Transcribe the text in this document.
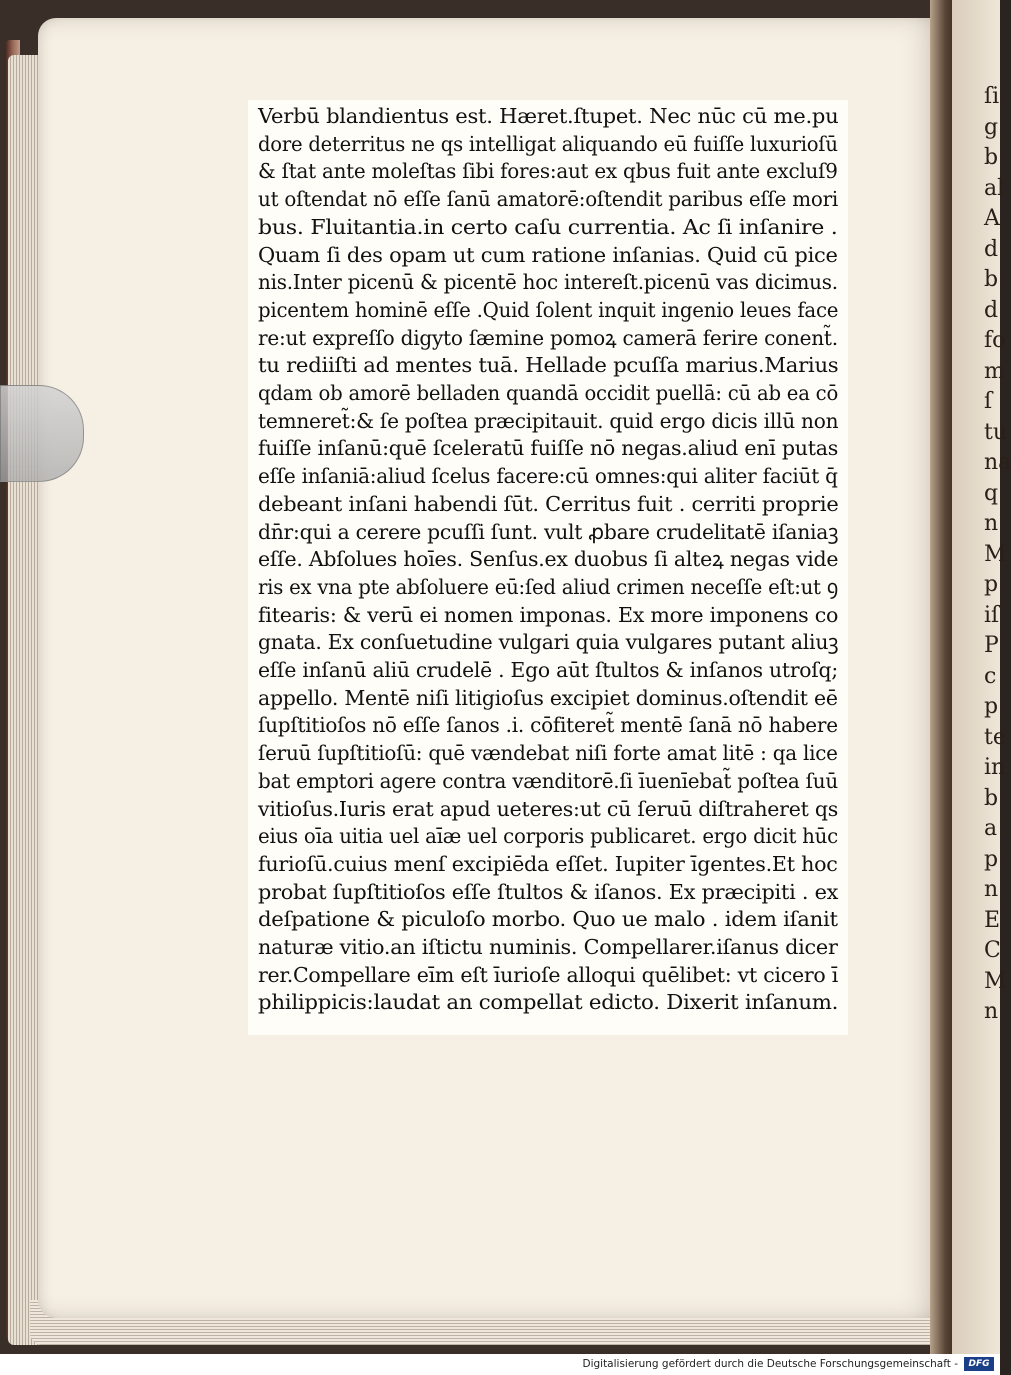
ſi
g
b
al
A
d
b
d
fo
m
ſ
tu
na
q
n
M
p
iſ
P
c
p
te
in
b
a
p
n
E
C
M
n
Verbū blandientus est. Hæret.ſtupet. Nec nūc cū me.pu
dore deterritus ne qs intelligat aliquando eū fuiſſe luxurioſū
& ſtat ante moleſtas ſibi fores:aut ex qbus fuit ante excluſ9
ut oſtendat nō eſſe ſanū amatorē:oſtendit paribus eſſe mori
bus. Fluitantia.in certo caſu currentia. Ac ſi inſanire .
Quam ſi des opam ut cum ratione inſanias. Quid cū pice
nis.Inter picenū & picentē hoc intereſt.picenū vas dicimus.
picentem hominē eſſe .Quid ſolent inquit ingenio leues face
re:ut expreſſo digyto ſæmine pomoꝝ camerā ferire conent̃.
tu rediiſti ad mentes tuā. Hellade pcuſſa marius.Marius
qdam ob amorē belladen quandā occidit puellā: cū ab ea cō
temneret̃:& ſe poſtea præcipitauit. quid ergo dicis illū non
fuiſſe inſanū:quē ſceleratū fuiſſe nō negas.aliud enī putas
eſſe inſaniā:aliud ſcelus facere:cū omnes:qui aliter faciūt q̄
debeant inſani habendi ſūt. Cerritus fuit . cerriti proprie
dn̄r:qui a cerere pcuſſi ſunt. vult ꝓbare crudelitatē iſaniaꝫ
eſſe. Abſolues hoīes. Senſus.ex duobus ſi alteꝝ negas vide
ris ex vna pte abſoluere eū:ſed aliud crimen neceſſe eſt:ut ꝯ
fitearis: & verū ei nomen imponas. Ex more imponens co
gnata. Ex conſuetudine vulgari quia vulgares putant aliuꝫ
eſſe inſanū aliū crudelē . Ego aūt ſtultos & inſanos utroſq;
appello. Mentē niſi litigioſus excipiet dominus.oſtendit eē
ſupſtitioſos nō eſſe ſanos .i. cōfiteret̃ mentē ſanā nō habere
ſeruū ſupſtitioſū: quē vændebat niſi forte amat litē : qa lice
bat emptori agere contra vænditorē.ſi īuenīebat̃ poſtea ſuū
vitioſus.Iuris erat apud ueteres:ut cū ſeruū diſtraheret qs
eius oīa uitia uel aīæ uel corporis publicaret. ergo dicit hūc
furioſū.cuius menſ excipiēda eſſet. Iupiter īgentes.Et hoc
probat ſupſtitioſos eſſe ſtultos & iſanos. Ex præcipiti . ex
deſpatione & piculoſo morbo. Quo ue malo . idem iſanit
naturæ vitio.an iſtictu numinis. Compellarer.iſanus dicer
rer.Compellare eīm eſt īurioſe alloqui quēlibet: vt cicero ī
philippicis:laudat an compellat edicto. Dixerit inſanum.
Digitalisierung gefördert durch die Deutsche Forschungsgemeinschaft -	DFG
